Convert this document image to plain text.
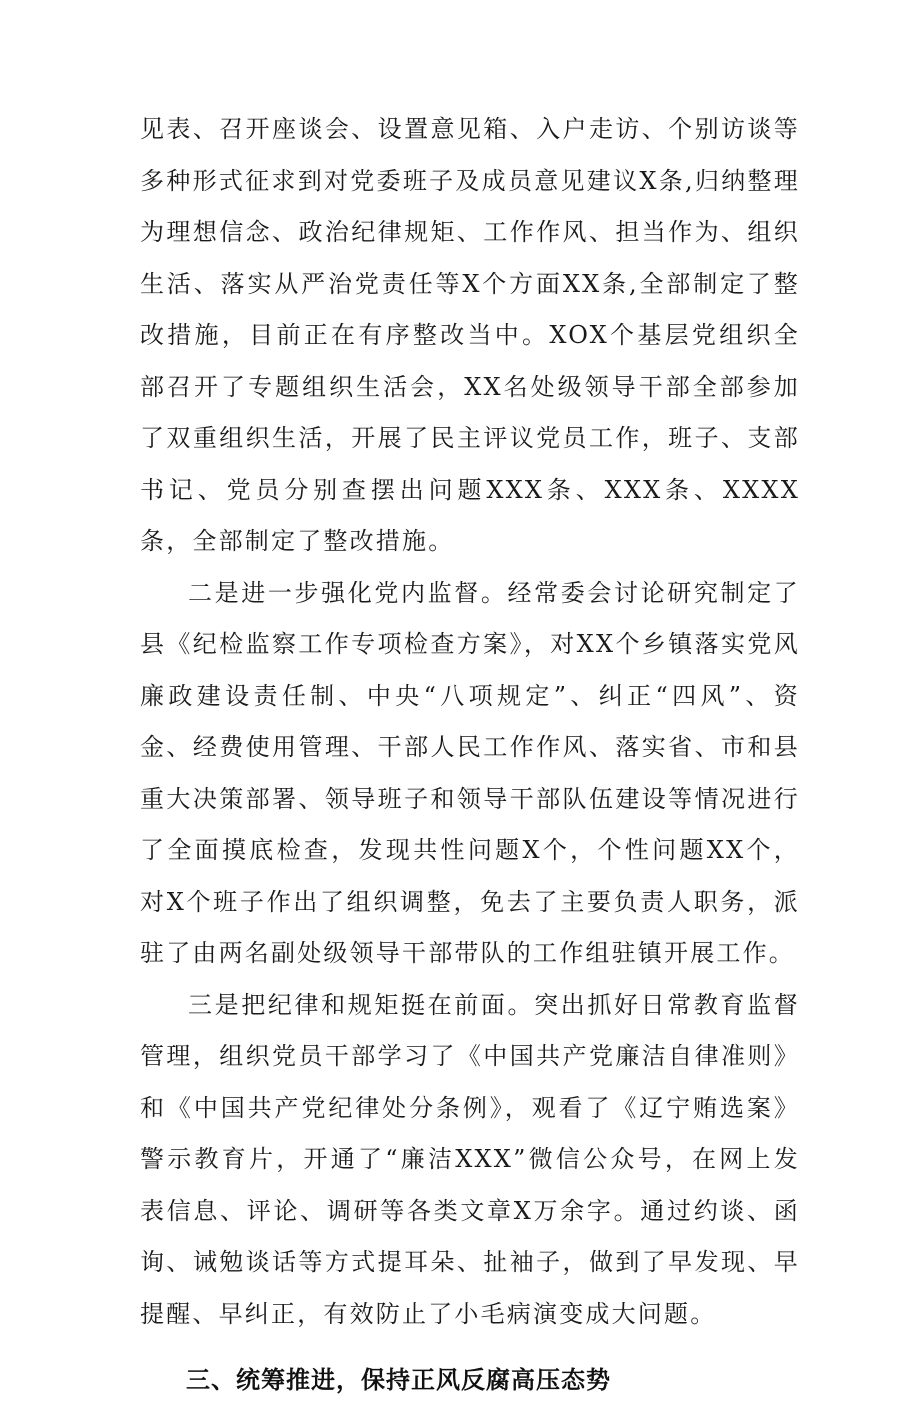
见表、召开座谈会、设置意见箱、入户走访、个别访谈等多种形式征求到对党委班子及成员意见建议X条,归纳整理为理想信念、政治纪律规矩、工作作风、担当作为、组织生活、落实从严治党责任等X个方面XX条,全部制定了整改措施，目前正在有序整改当中。XOX个基层党组织全部召开了专题组织生活会，XX名处级领导干部全部参加了双重组织生活，开展了民主评议党员工作，班子、支部书记、党员分别查摆出问题XXX条、XXX条、XXXX条，全部制定了整改措施。

二是进一步强化党内监督。经常委会讨论研究制定了县《纪检监察工作专项检查方案》，对XX个乡镇落实党风廉政建设责任制、中央“八项规定”、纠正“四风”、资金、经费使用管理、干部人民工作作风、落实省、市和县重大决策部署、领导班子和领导干部队伍建设等情况进行了全面摸底检查，发现共性问题X个，个性问题XX个，对X个班子作出了组织调整，免去了主要负责人职务，派驻了由两名副处级领导干部带队的工作组驻镇开展工作。

三是把纪律和规矩挺在前面。突出抓好日常教育监督管理，组织党员干部学习了《中国共产党廉洁自律准则》和《中国共产党纪律处分条例》，观看了《辽宁贿选案》警示教育片，开通了“廉洁XXX”微信公众号，在网上发表信息、评论、调研等各类文章X万余字。通过约谈、函询、诫勉谈话等方式提耳朵、扯袖子，做到了早发现、早提醒、早纠正，有效防止了小毛病演变成大问题。

三、统筹推进，保持正风反腐高压态势
